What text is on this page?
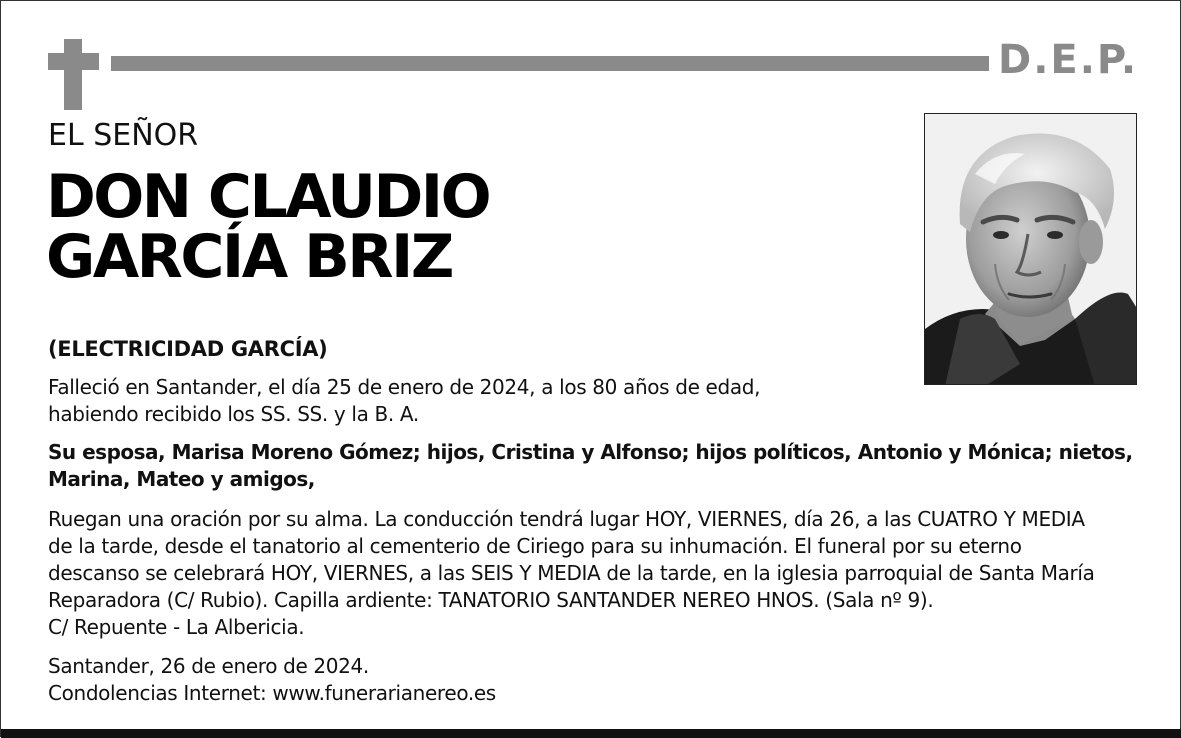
D.E.P.
EL SEÑOR
DON CLAUDIO
GARCÍA BRIZ
(ELECTRICIDAD GARCÍA)
Falleció en Santander, el día 25 de enero de 2024, a los 80 años de edad,
habiendo recibido los SS. SS. y la B. A.
Su esposa, Marisa Moreno Gómez; hijos, Cristina y Alfonso; hijos políticos, Antonio y Mónica; nietos,
Marina, Mateo y amigos,
Ruegan una oración por su alma. La conducción tendrá lugar HOY, VIERNES, día 26, a las CUATRO Y MEDIA
de la tarde, desde el tanatorio al cementerio de Ciriego para su inhumación. El funeral por su eterno
descanso se celebrará HOY, VIERNES, a las SEIS Y MEDIA de la tarde, en la iglesia parroquial de Santa María
Reparadora (C/ Rubio). Capilla ardiente: TANATORIO SANTANDER NEREO HNOS. (Sala nº 9).
C/ Repuente - La Albericia.
Santander, 26 de enero de 2024.
Condolencias Internet: www.funerarianereo.es
